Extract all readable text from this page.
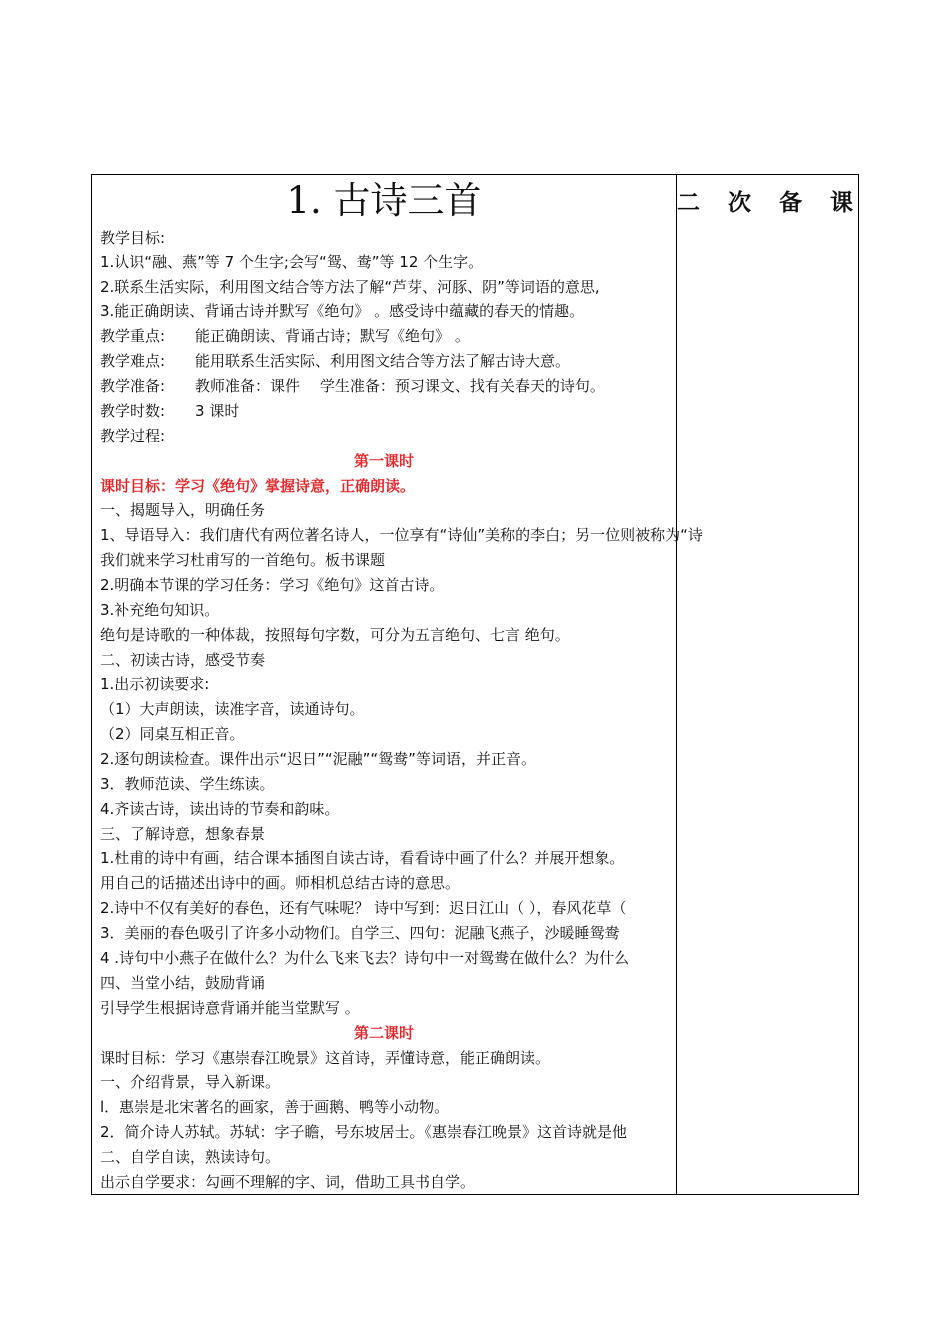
1. 古诗三首	二 次 备 课
教学目标:
1.认识“融、燕”等 7 个生字;会写“鸳、鸯”等 12 个生字。
2.联系生活实际，利用图文结合等方法了解“芦芽、河豚、阴”等词语的意思,
3.能正确朗读、背诵古诗并默写《绝句》 。感受诗中蕴藏的春天的情趣。
教学重点:　　能正确朗读、背诵古诗；默写《绝句》 。
教学难点:　　能用联系生活实际、利用图文结合等方法了解古诗大意。
教学准备:　　教师准备：课件　 学生准备：预习课文、找有关春天的诗句。
教学时数:　　3 课时
教学过程:
第一课时
课时目标：学习《绝句》掌握诗意，正确朗读。
一、揭题导入，明确任务
1、导语导入：我们唐代有两位著名诗人，一位享有“诗仙”美称的李白；另一位则被称为“诗
我们就来学习杜甫写的一首绝句。板书课题
2.明确本节课的学习任务：学习《绝句》这首古诗。
3.补充绝句知识。
绝句是诗歌的一种体裁，按照每句字数，可分为五言绝句、七言 绝句。
二、初读古诗，感受节奏
1.出示初读要求:
（1）大声朗读，读准字音，读通诗句。
（2）同桌互相正音。
2.逐句朗读检查。课件出示“迟日”“泥融”“鸳鸯”等词语，并正音。
3．教师范读、学生练读。
4.齐读古诗，读出诗的节奏和韵味。
三、了解诗意，想象春景
1.杜甫的诗中有画，结合课本插图自读古诗，看看诗中画了什么？并展开想象。
用自己的话描述出诗中的画。师相机总结古诗的意思。
2.诗中不仅有美好的春色，还有气味呢？ 诗中写到：迟日江山（ ），春风花草（
3．美丽的春色吸引了许多小动物们。自学三、四句：泥融飞燕子，沙暖睡鸳鸯
4 .诗句中小燕子在做什么？为什么飞来飞去？诗句中一对鸳鸯在做什么？为什么
四、当堂小结，鼓励背诵
引导学生根据诗意背诵并能当堂默写 。
第二课时
课时目标：学习《惠崇春江晚景》这首诗，弄懂诗意，能正确朗读。
一、介绍背景，导入新课。
l．惠崇是北宋著名的画家，善于画鹅、鸭等小动物。
2．简介诗人苏轼。苏轼：字子瞻，号东坡居士。《惠崇春江晚景》这首诗就是他
二、自学自读，熟读诗句。
出示自学要求：勾画不理解的字、词，借助工具书自学。
